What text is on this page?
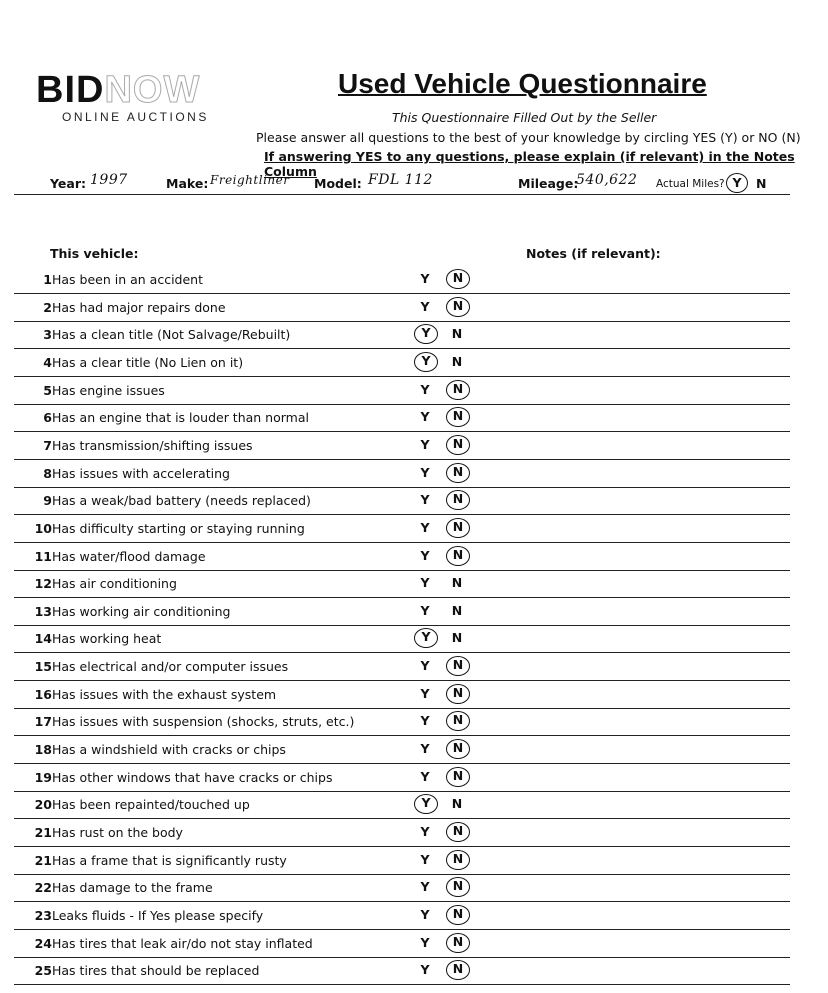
BIDNOW
ONLINE AUCTIONS
Used Vehicle Questionnaire
This Questionnaire Filled Out by the Seller
Please answer all questions to the best of your knowledge by circling YES (Y) or NO (N)
If answering YES to any questions, please explain (if relevant) in the Notes Column
Year: 1997	Make: Freightliner Model: FDL 112	Mileage:
540,622 Actual Miles? Y	N
This vehicle:	Notes (if relevant):
1 Has been in an accident	Y	N
2 Has had major repairs done	Y	N
3 Has a clean title (Not Salvage/Rebuilt)	Y	N
4 Has a clear title (No Lien on it)	Y	N
5 Has engine issues	Y	N
6 Has an engine that is louder than normal	Y	N
7 Has transmission/shifting issues	Y	N
8 Has issues with accelerating	Y	N
9 Has a weak/bad battery (needs replaced)	Y	N
10 Has difficulty starting or staying running	Y	N
11 Has water/flood damage	Y	N
12 Has air conditioning	Y	N
13 Has working air conditioning	Y	N
14 Has working heat	Y	N
15 Has electrical and/or computer issues	Y	N
16 Has issues with the exhaust system	Y	N
17 Has issues with suspension (shocks, struts, etc.)	Y	N
18 Has a windshield with cracks or chips	Y	N
19 Has other windows that have cracks or chips	Y	N
20 Has been repainted/touched up	Y	N
21 Has rust on the body	Y	N
21 Has a frame that is significantly rusty	Y	N
22 Has damage to the frame	Y	N
23 Leaks fluids - If Yes please specify	Y	N
24 Has tires that leak air/do not stay inflated	Y	N
25 Has tires that should be replaced	Y	N
